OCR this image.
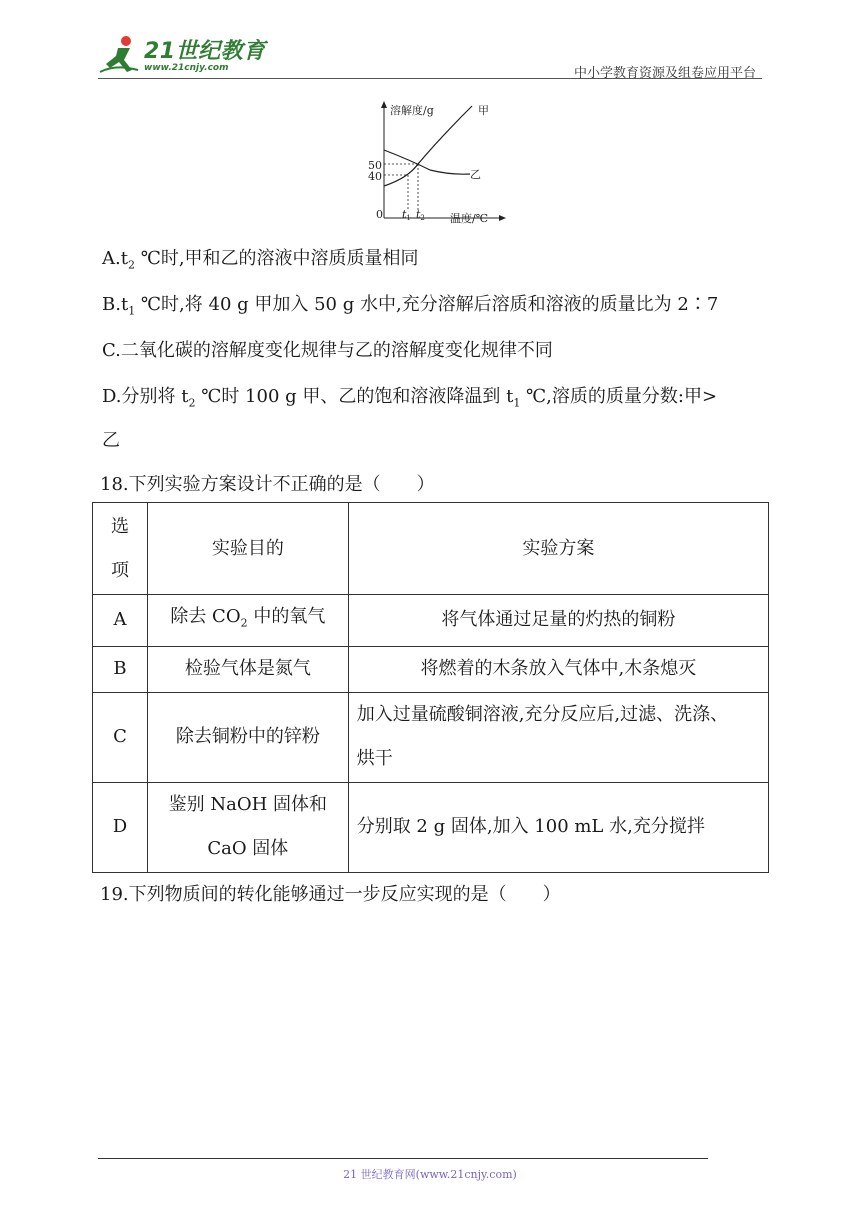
21世纪教育
www.21cnjy.com	中小学教育资源及组卷应用平台
溶解度/g	甲
乙
50
40
0 t1 t2 温度/℃
$A.t_2$ ℃时,甲和乙的溶液中溶质质量相同
$B.t_1$ ℃时,将 40 g 甲加入 50 g 水中,充分溶解后溶质和溶液的质量比为 2∶7
C.二氧化碳的溶解度变化规律与乙的溶解度变化规律不同
D.分别将 $t_2$ ℃时 100 g 甲、乙的饱和溶液降温到 $t_1$ ℃,溶质的质量分数:甲>
乙
18.下列实验方案设计不正确的是（　　）
选
项	实验目的	实验方案
A	除去 $CO_2$ 中的氧气	将气体通过足量的灼热的铜粉
B	检验气体是氮气	将燃着的木条放入气体中,木条熄灭
C	除去铜粉中的锌粉	加入过量硫酸铜溶液,充分反应后,过滤、洗涤、
烘干
D	鉴别 NaOH 固体和
CaO 固体	分别取 2 g 固体,加入 100 mL 水,充分搅拌
19.下列物质间的转化能够通过一步反应实现的是（　　）
21 世纪教育网(www.21cnjy.com)
